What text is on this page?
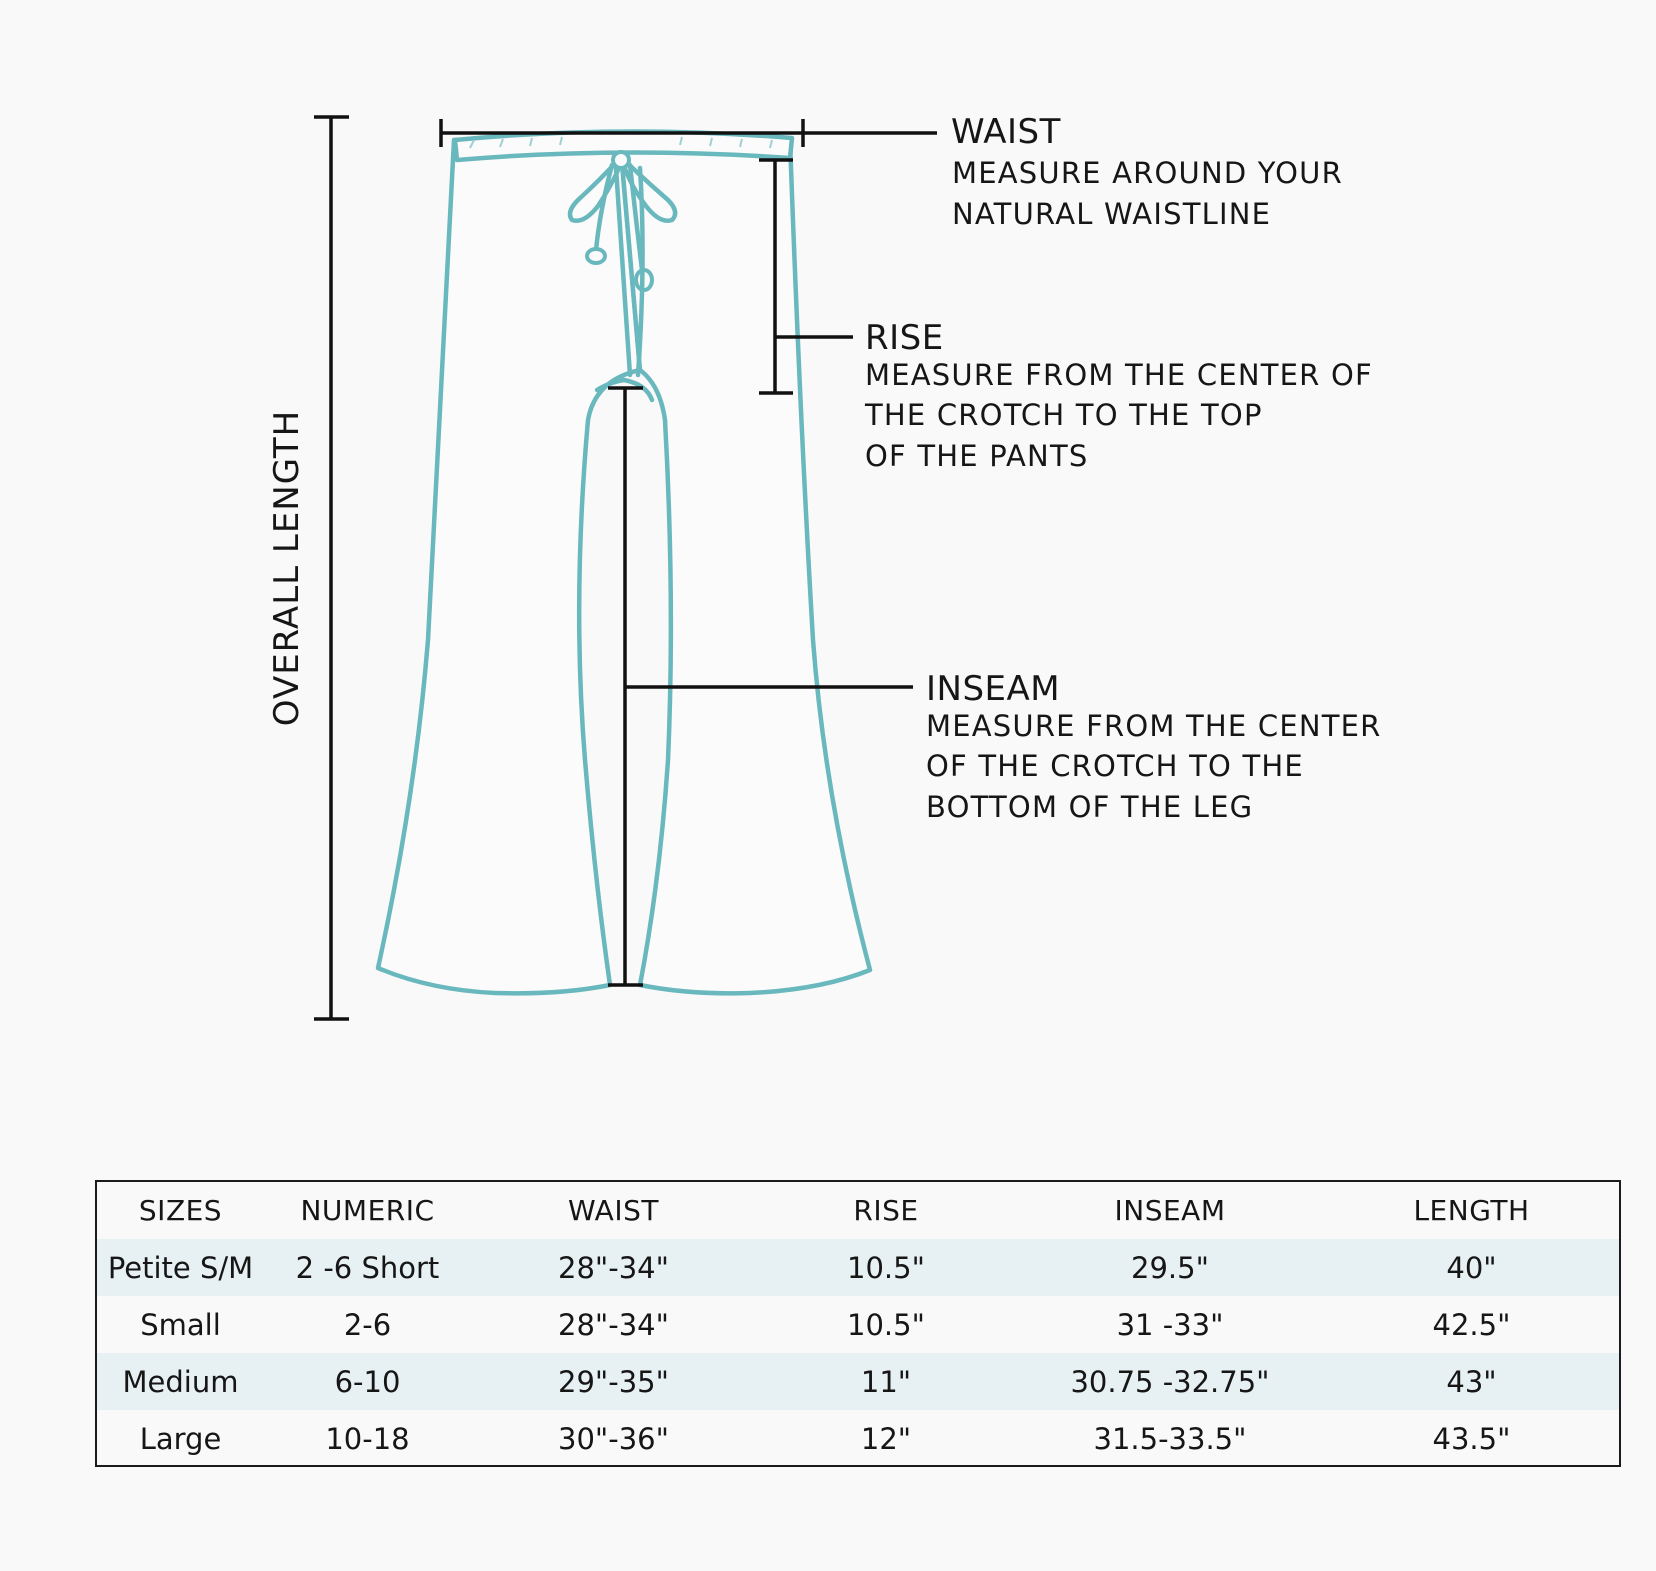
OVERALL LENGTH
WAIST
MEASURE AROUND YOUR
NATURAL WAISTLINE
RISE
MEASURE FROM THE CENTER OF
THE CROTCH TO THE TOP
OF THE PANTS
INSEAM
MEASURE FROM THE CENTER
OF THE CROTCH TO THE
BOTTOM OF THE LEG
SIZES	NUMERIC	WAIST	RISE	INSEAM	LENGTH
Petite S/M	2 -6 Short	28"-34"	10.5"	29.5"	40"
Small	2-6	28"-34"	10.5"	31 -33"	42.5"
Medium	6-10	29"-35"	11"	30.75 -32.75"	43"
Large	10-18	30"-36"	12"	31.5-33.5"	43.5"
